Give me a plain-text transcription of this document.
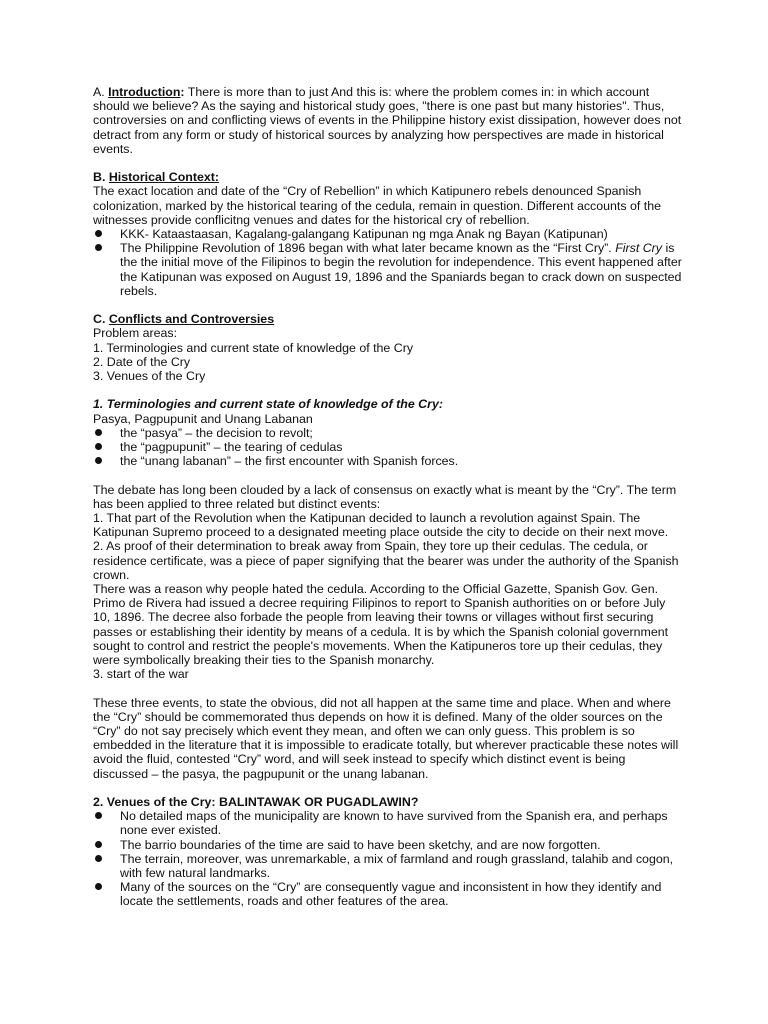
A. Introduction: There is more than to just And this is: where the problem comes in: in which account should we believe? As the saying and historical study goes, "there is one past but many histories". Thus, controversies on and conflicting views of events in the Philippine history exist dissipation, however does not detract from any form or study of historical sources by analyzing how perspectives are made in historical events.

B. Historical Context:

The exact location and date of the “Cry of Rebellion” in which Katipunero rebels denounced Spanish colonization, marked by the historical tearing of the cedula, remain in question. Different accounts of the witnesses provide conflicitng venues and dates for the historical cry of rebellion.

KKK- Kataastaasan, Kagalang-galangang Katipunan ng mga Anak ng Bayan (Katipunan)
The Philippine Revolution of 1896 began with what later became known as the “First Cry”. First Cry is the the initial move of the Filipinos to begin the revolution for independence. This event happened after the Katipunan was exposed on August 19, 1896 and the Spaniards began to crack down on suspected rebels.

C. Conflicts and Controversies

Problem areas:

1. Terminologies and current state of knowledge of the Cry

2. Date of the Cry

3. Venues of the Cry

1. Terminologies and current state of knowledge of the Cry:

Pasya, Pagpupunit and Unang Labanan

the “pasya” – the decision to revolt;
the “pagpupunit” – the tearing of cedulas
the “unang labanan” – the first encounter with Spanish forces.

The debate has long been clouded by a lack of consensus on exactly what is meant by the “Cry”. The term has been applied to three related but distinct events:

1. That part of the Revolution when the Katipunan decided to launch a revolution against Spain. The Katipunan Supremo proceed to a designated meeting place outside the city to decide on their next move.

2. As proof of their determination to break away from Spain, they tore up their cedulas. The cedula, or residence certificate, was a piece of paper signifying that the bearer was under the authority of the Spanish crown.

There was a reason why people hated the cedula. According to the Official Gazette, Spanish Gov. Gen. Primo de Rivera had issued a decree requiring Filipinos to report to Spanish authorities on or before July 10, 1896. The decree also forbade the people from leaving their towns or villages without first securing passes or establishing their identity by means of a cedula. It is by which the Spanish colonial government sought to control and restrict the people's movements. When the Katipuneros tore up their cedulas, they were symbolically breaking their ties to the Spanish monarchy.

3. start of the war

These three events, to state the obvious, did not all happen at the same time and place. When and where the “Cry” should be commemorated thus depends on how it is defined. Many of the older sources on the “Cry” do not say precisely which event they mean, and often we can only guess. This problem is so embedded in the literature that it is impossible to eradicate totally, but wherever practicable these notes will avoid the fluid, contested “Cry” word, and will seek instead to specify which distinct event is being discussed – the pasya, the pagpupunit or the unang labanan.

2. Venues of the Cry: BALINTAWAK OR PUGADLAWIN?

No detailed maps of the municipality are known to have survived from the Spanish era, and perhaps none ever existed.
The barrio boundaries of the time are said to have been sketchy, and are now forgotten.
The terrain, moreover, was unremarkable, a mix of farmland and rough grassland, talahib and cogon, with few natural landmarks.
Many of the sources on the “Cry” are consequently vague and inconsistent in how they identify and locate the settlements, roads and other features of the area.
